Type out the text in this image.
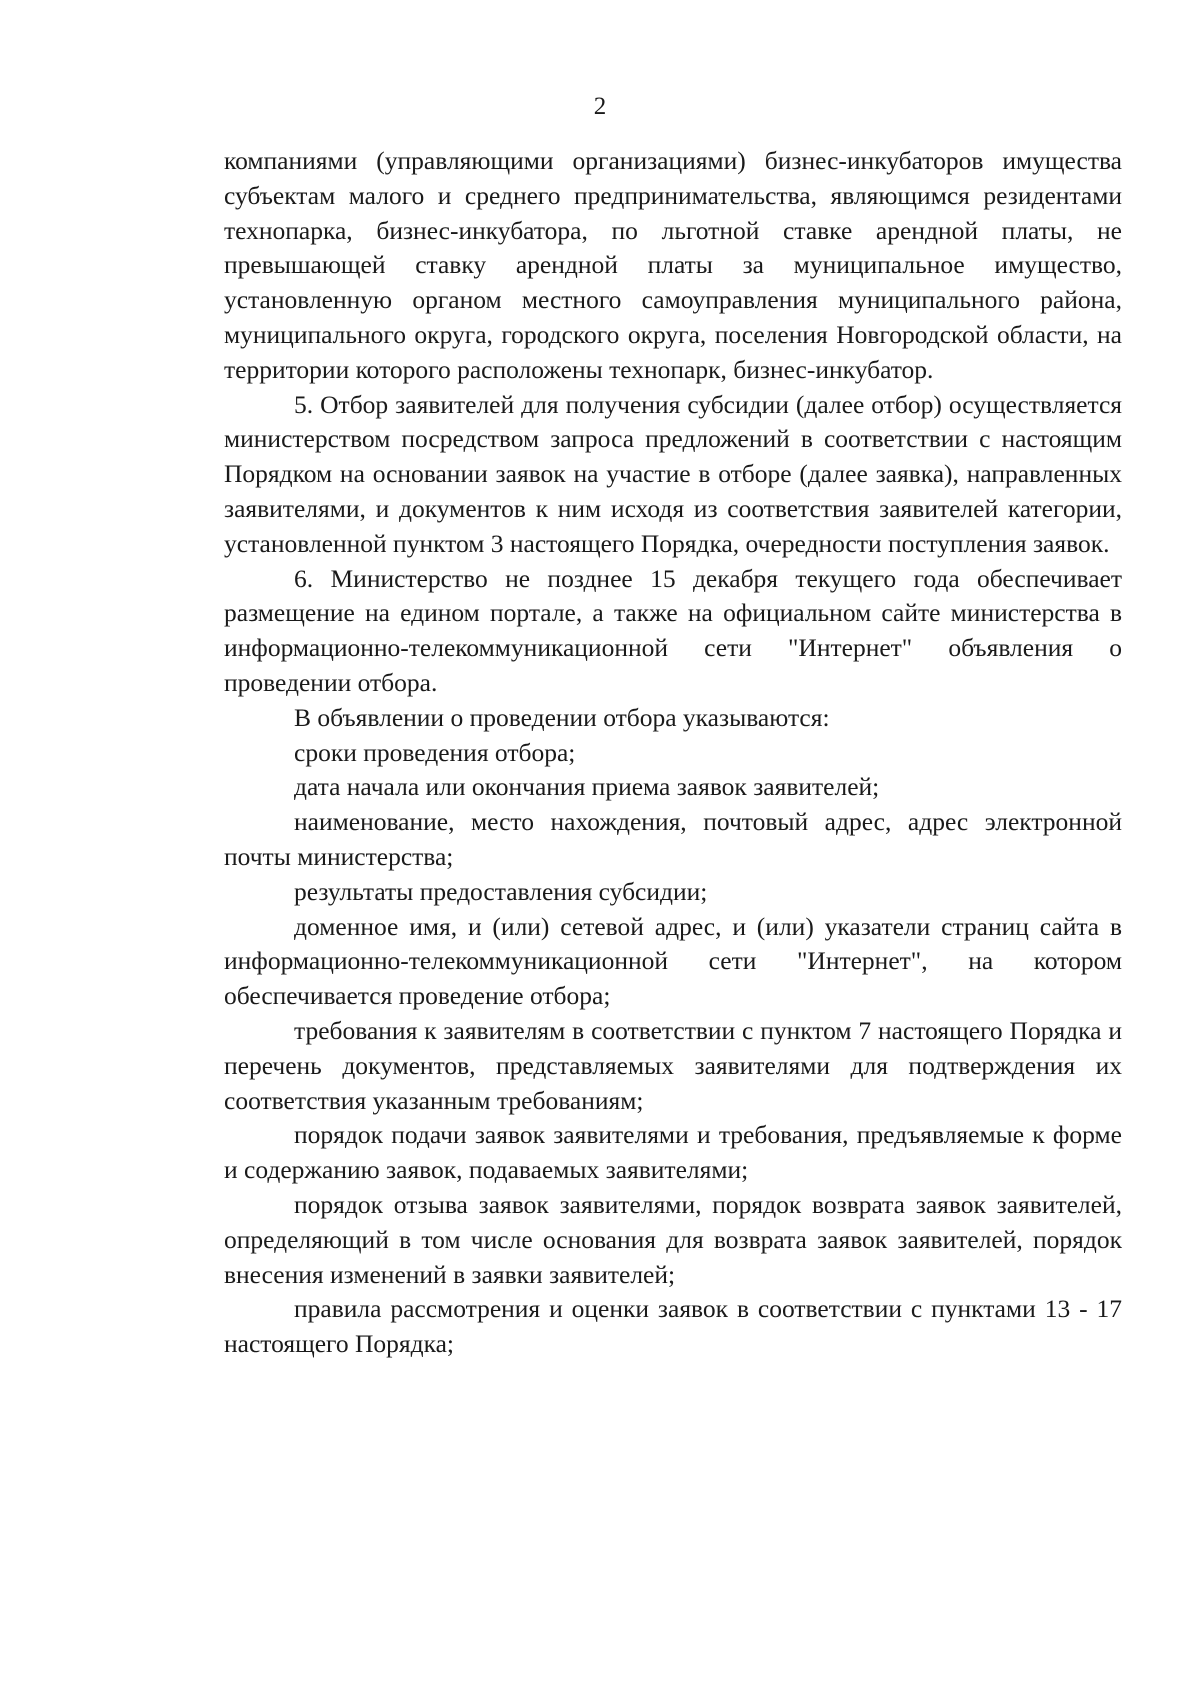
2

компаниями (управляющими организациями) бизнес-инкубаторов имущества субъектам малого и среднего предпринимательства, являющимся резидентами технопарка, бизнес-инкубатора, по льготной ставке арендной платы, не превышающей ставку арендной платы за муниципальное имущество, установленную органом местного самоуправления муниципального района, муниципального округа, городского округа, поселения Новгородской области, на территории которого расположены технопарк, бизнес-инкубатор.

5. Отбор заявителей для получения субсидии (далее отбор) осуществляется министерством посредством запроса предложений в соответствии с настоящим Порядком на основании заявок на участие в отборе (далее заявка), направленных заявителями, и документов к ним исходя из соответствия заявителей категории, установленной пунктом 3 настоящего Порядка, очередности поступления заявок.

6. Министерство не позднее 15 декабря текущего года обеспечивает размещение на едином портале, а также на официальном сайте министерства в информационно-телекоммуникационной сети "Интернет" объявления о проведении отбора.

В объявлении о проведении отбора указываются:

сроки проведения отбора;

дата начала или окончания приема заявок заявителей;

наименование, место нахождения, почтовый адрес, адрес электронной почты министерства;

результаты предоставления субсидии;

доменное имя, и (или) сетевой адрес, и (или) указатели страниц сайта в информационно-телекоммуникационной сети "Интернет", на котором обеспечивается проведение отбора;

требования к заявителям в соответствии с пунктом 7 настоящего Порядка и перечень документов, представляемых заявителями для подтверждения их соответствия указанным требованиям;

порядок подачи заявок заявителями и требования, предъявляемые к форме и содержанию заявок, подаваемых заявителями;

порядок отзыва заявок заявителями, порядок возврата заявок заявителей, определяющий в том числе основания для возврата заявок заявителей, порядок внесения изменений в заявки заявителей;

правила рассмотрения и оценки заявок в соответствии с пунктами 13 - 17 настоящего Порядка;
